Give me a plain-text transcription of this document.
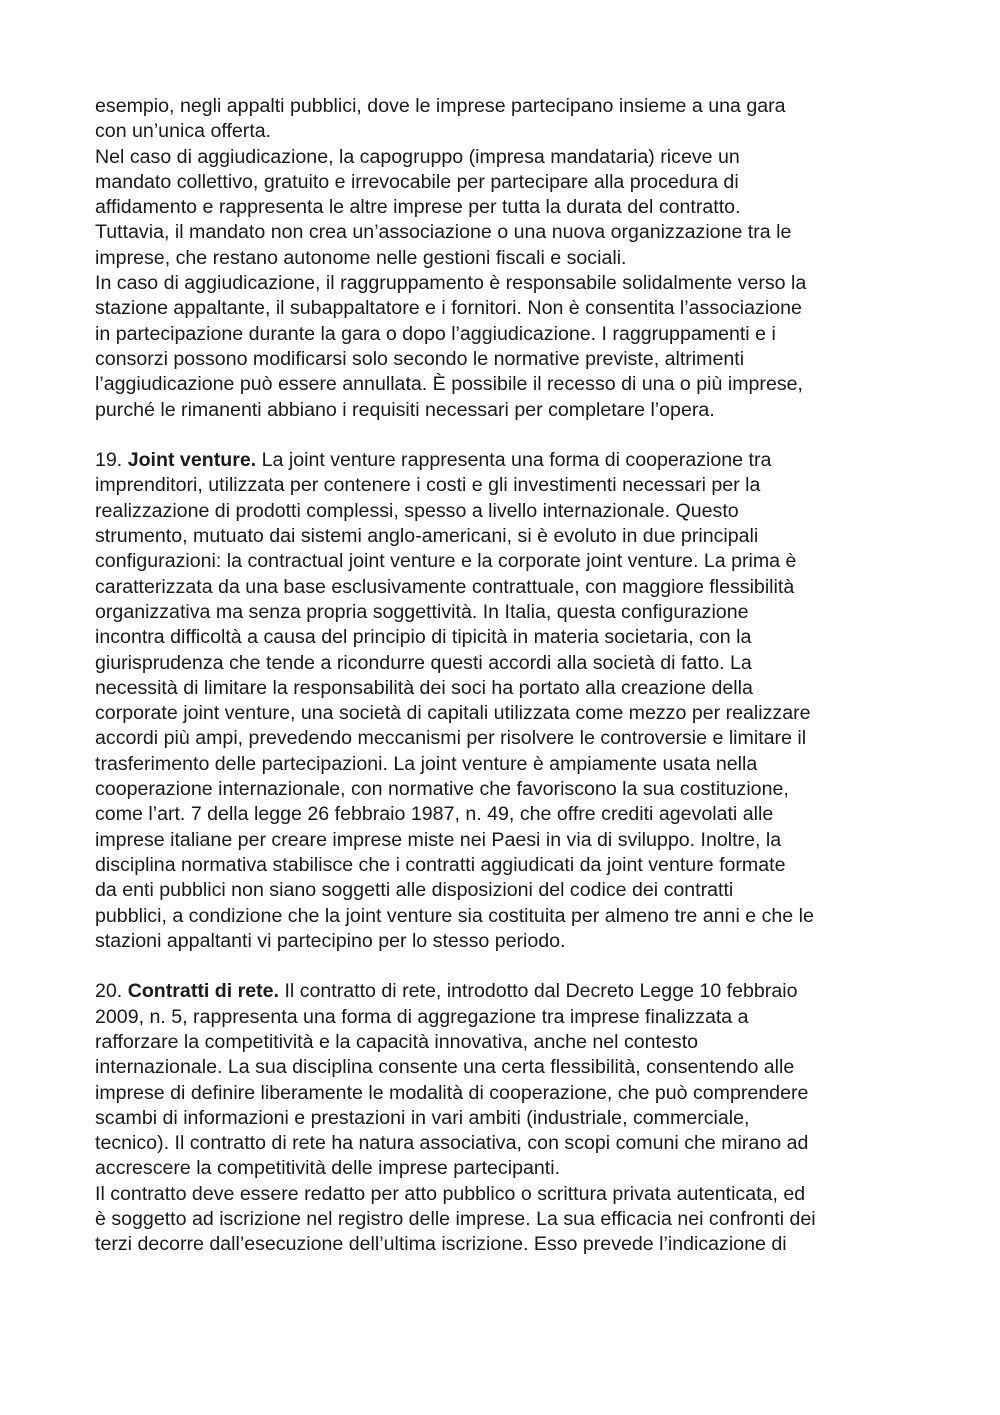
esempio, negli appalti pubblici, dove le imprese partecipano insieme a una gara
con un’unica offerta.
Nel caso di aggiudicazione, la capogruppo (impresa mandataria) riceve un
mandato collettivo, gratuito e irrevocabile per partecipare alla procedura di
affidamento e rappresenta le altre imprese per tutta la durata del contratto.
Tuttavia, il mandato non crea un’associazione o una nuova organizzazione tra le
imprese, che restano autonome nelle gestioni fiscali e sociali.
In caso di aggiudicazione, il raggruppamento è responsabile solidalmente verso la
stazione appaltante, il subappaltatore e i fornitori. Non è consentita l’associazione
in partecipazione durante la gara o dopo l’aggiudicazione. I raggruppamenti e i
consorzi possono modificarsi solo secondo le normative previste, altrimenti
l’aggiudicazione può essere annullata. È possibile il recesso di una o più imprese,
purché le rimanenti abbiano i requisiti necessari per completare l’opera.
19. Joint venture. La joint venture rappresenta una forma di cooperazione tra
imprenditori, utilizzata per contenere i costi e gli investimenti necessari per la
realizzazione di prodotti complessi, spesso a livello internazionale. Questo
strumento, mutuato dai sistemi anglo-americani, si è evoluto in due principali
configurazioni: la contractual joint venture e la corporate joint venture. La prima è
caratterizzata da una base esclusivamente contrattuale, con maggiore flessibilità
organizzativa ma senza propria soggettività. In Italia, questa configurazione
incontra difficoltà a causa del principio di tipicità in materia societaria, con la
giurisprudenza che tende a ricondurre questi accordi alla società di fatto. La
necessità di limitare la responsabilità dei soci ha portato alla creazione della
corporate joint venture, una società di capitali utilizzata come mezzo per realizzare
accordi più ampi, prevedendo meccanismi per risolvere le controversie e limitare il
trasferimento delle partecipazioni. La joint venture è ampiamente usata nella
cooperazione internazionale, con normative che favoriscono la sua costituzione,
come l’art. 7 della legge 26 febbraio 1987, n. 49, che offre crediti agevolati alle
imprese italiane per creare imprese miste nei Paesi in via di sviluppo. Inoltre, la
disciplina normativa stabilisce che i contratti aggiudicati da joint venture formate
da enti pubblici non siano soggetti alle disposizioni del codice dei contratti
pubblici, a condizione che la joint venture sia costituita per almeno tre anni e che le
stazioni appaltanti vi partecipino per lo stesso periodo.
20. Contratti di rete. Il contratto di rete, introdotto dal Decreto Legge 10 febbraio
2009, n. 5, rappresenta una forma di aggregazione tra imprese finalizzata a
rafforzare la competitività e la capacità innovativa, anche nel contesto
internazionale. La sua disciplina consente una certa flessibilità, consentendo alle
imprese di definire liberamente le modalità di cooperazione, che può comprendere
scambi di informazioni e prestazioni in vari ambiti (industriale, commerciale,
tecnico). Il contratto di rete ha natura associativa, con scopi comuni che mirano ad
accrescere la competitività delle imprese partecipanti.
Il contratto deve essere redatto per atto pubblico o scrittura privata autenticata, ed
è soggetto ad iscrizione nel registro delle imprese. La sua efficacia nei confronti dei
terzi decorre dall’esecuzione dell’ultima iscrizione. Esso prevede l’indicazione di
